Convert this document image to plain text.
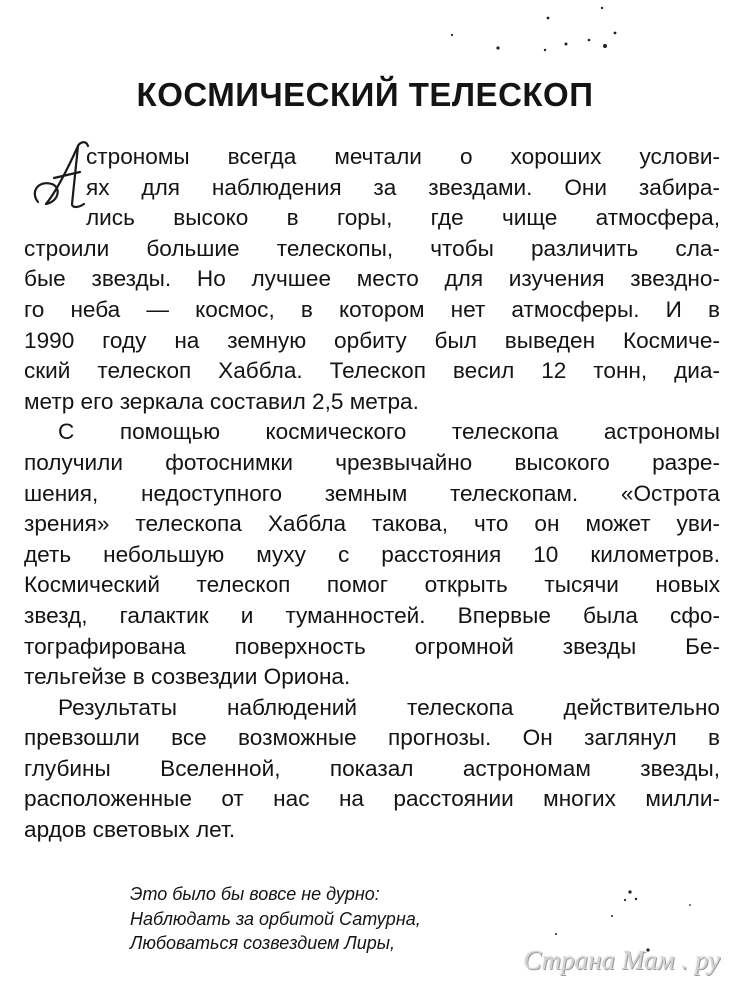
КОСМИЧЕСКИЙ ТЕЛЕСКОП
А
строномы всегда мечтали о хороших услови-
ях для наблюдения за звездами. Они забира-
лись высоко в горы, где чище атмосфера,
строили большие телескопы, чтобы различить сла-
бые звезды. Но лучшее место для изучения звездно-
го неба — космос, в котором нет атмосферы. И в
1990 году на земную орбиту был выведен Космиче-
ский телескоп Хаббла. Телескоп весил 12 тонн, диа-
метр его зеркала составил 2,5 метра.
С помощью космического телескопа астрономы
получили фотоснимки чрезвычайно высокого разре-
шения, недоступного земным телескопам. «Острота
зрения» телескопа Хаббла такова, что он может уви-
деть небольшую муху с расстояния 10 километров.
Космический телескоп помог открыть тысячи новых
звезд, галактик и туманностей. Впервые была сфо-
тографирована поверхность огромной звезды Бе-
тельгейзе в созвездии Ориона.
Результаты наблюдений телескопа действительно
превзошли все возможные прогнозы. Он заглянул в
глубины Вселенной, показал астрономам звезды,
расположенные от нас на расстоянии многих милли-
ардов световых лет.
Это было бы вовсе не дурно:
Наблюдать за орбитой Сатурна,
Любоваться созвездием Лиры,
Страна Мам . ру
